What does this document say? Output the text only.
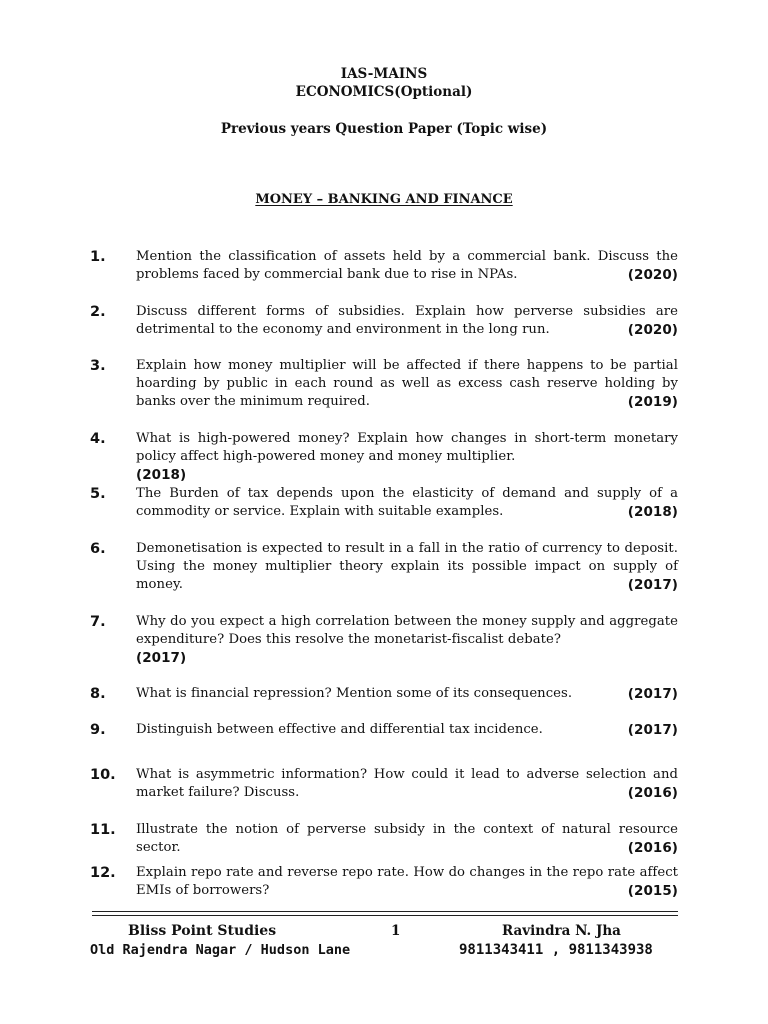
IAS-MAINS
ECONOMICS(Optional)
Previous years Question Paper (Topic wise)
MONEY – BANKING AND FINANCE
1. Mention the classification of assets held by a commercial bank. Discuss the problems faced by commercial bank due to rise in NPAs.	(2020)
2. Discuss different forms of subsidies. Explain how perverse subsidies are detrimental to the economy and environment in the long run.	(2020)
3. Explain how money multiplier will be affected if there happens to be partial hoarding by public in each round as well as excess cash reserve holding by banks over the minimum required.	(2019)
4. What is high-powered money? Explain how changes in short-term monetary policy affect high-powered money and money multiplier.
(2018)
5. The Burden of tax depends upon the elasticity of demand and supply of a commodity or service. Explain with suitable examples.	(2018)
6. Demonetisation is expected to result in a fall in the ratio of currency to deposit. Using the money multiplier theory explain its possible impact on supply of money.	(2017)
7. Why do you expect a high correlation between the money supply and aggregate expenditure? Does this resolve the monetarist-fiscalist debate?
(2017)
8. What is financial repression? Mention some of its consequences.	(2017)
9. Distinguish between effective and differential tax incidence.	(2017)
10. What is asymmetric information? How could it lead to adverse selection and market failure? Discuss.	(2016)
11. Illustrate the notion of perverse subsidy in the context of natural resource sector.	(2016)
12. Explain repo rate and reverse repo rate. How do changes in the repo rate affect EMIs of borrowers?	(2015)
Bliss Point Studies	1	Ravindra N. Jha
Old Rajendra Nagar / Hudson Lane	9811343411 , 9811343938
